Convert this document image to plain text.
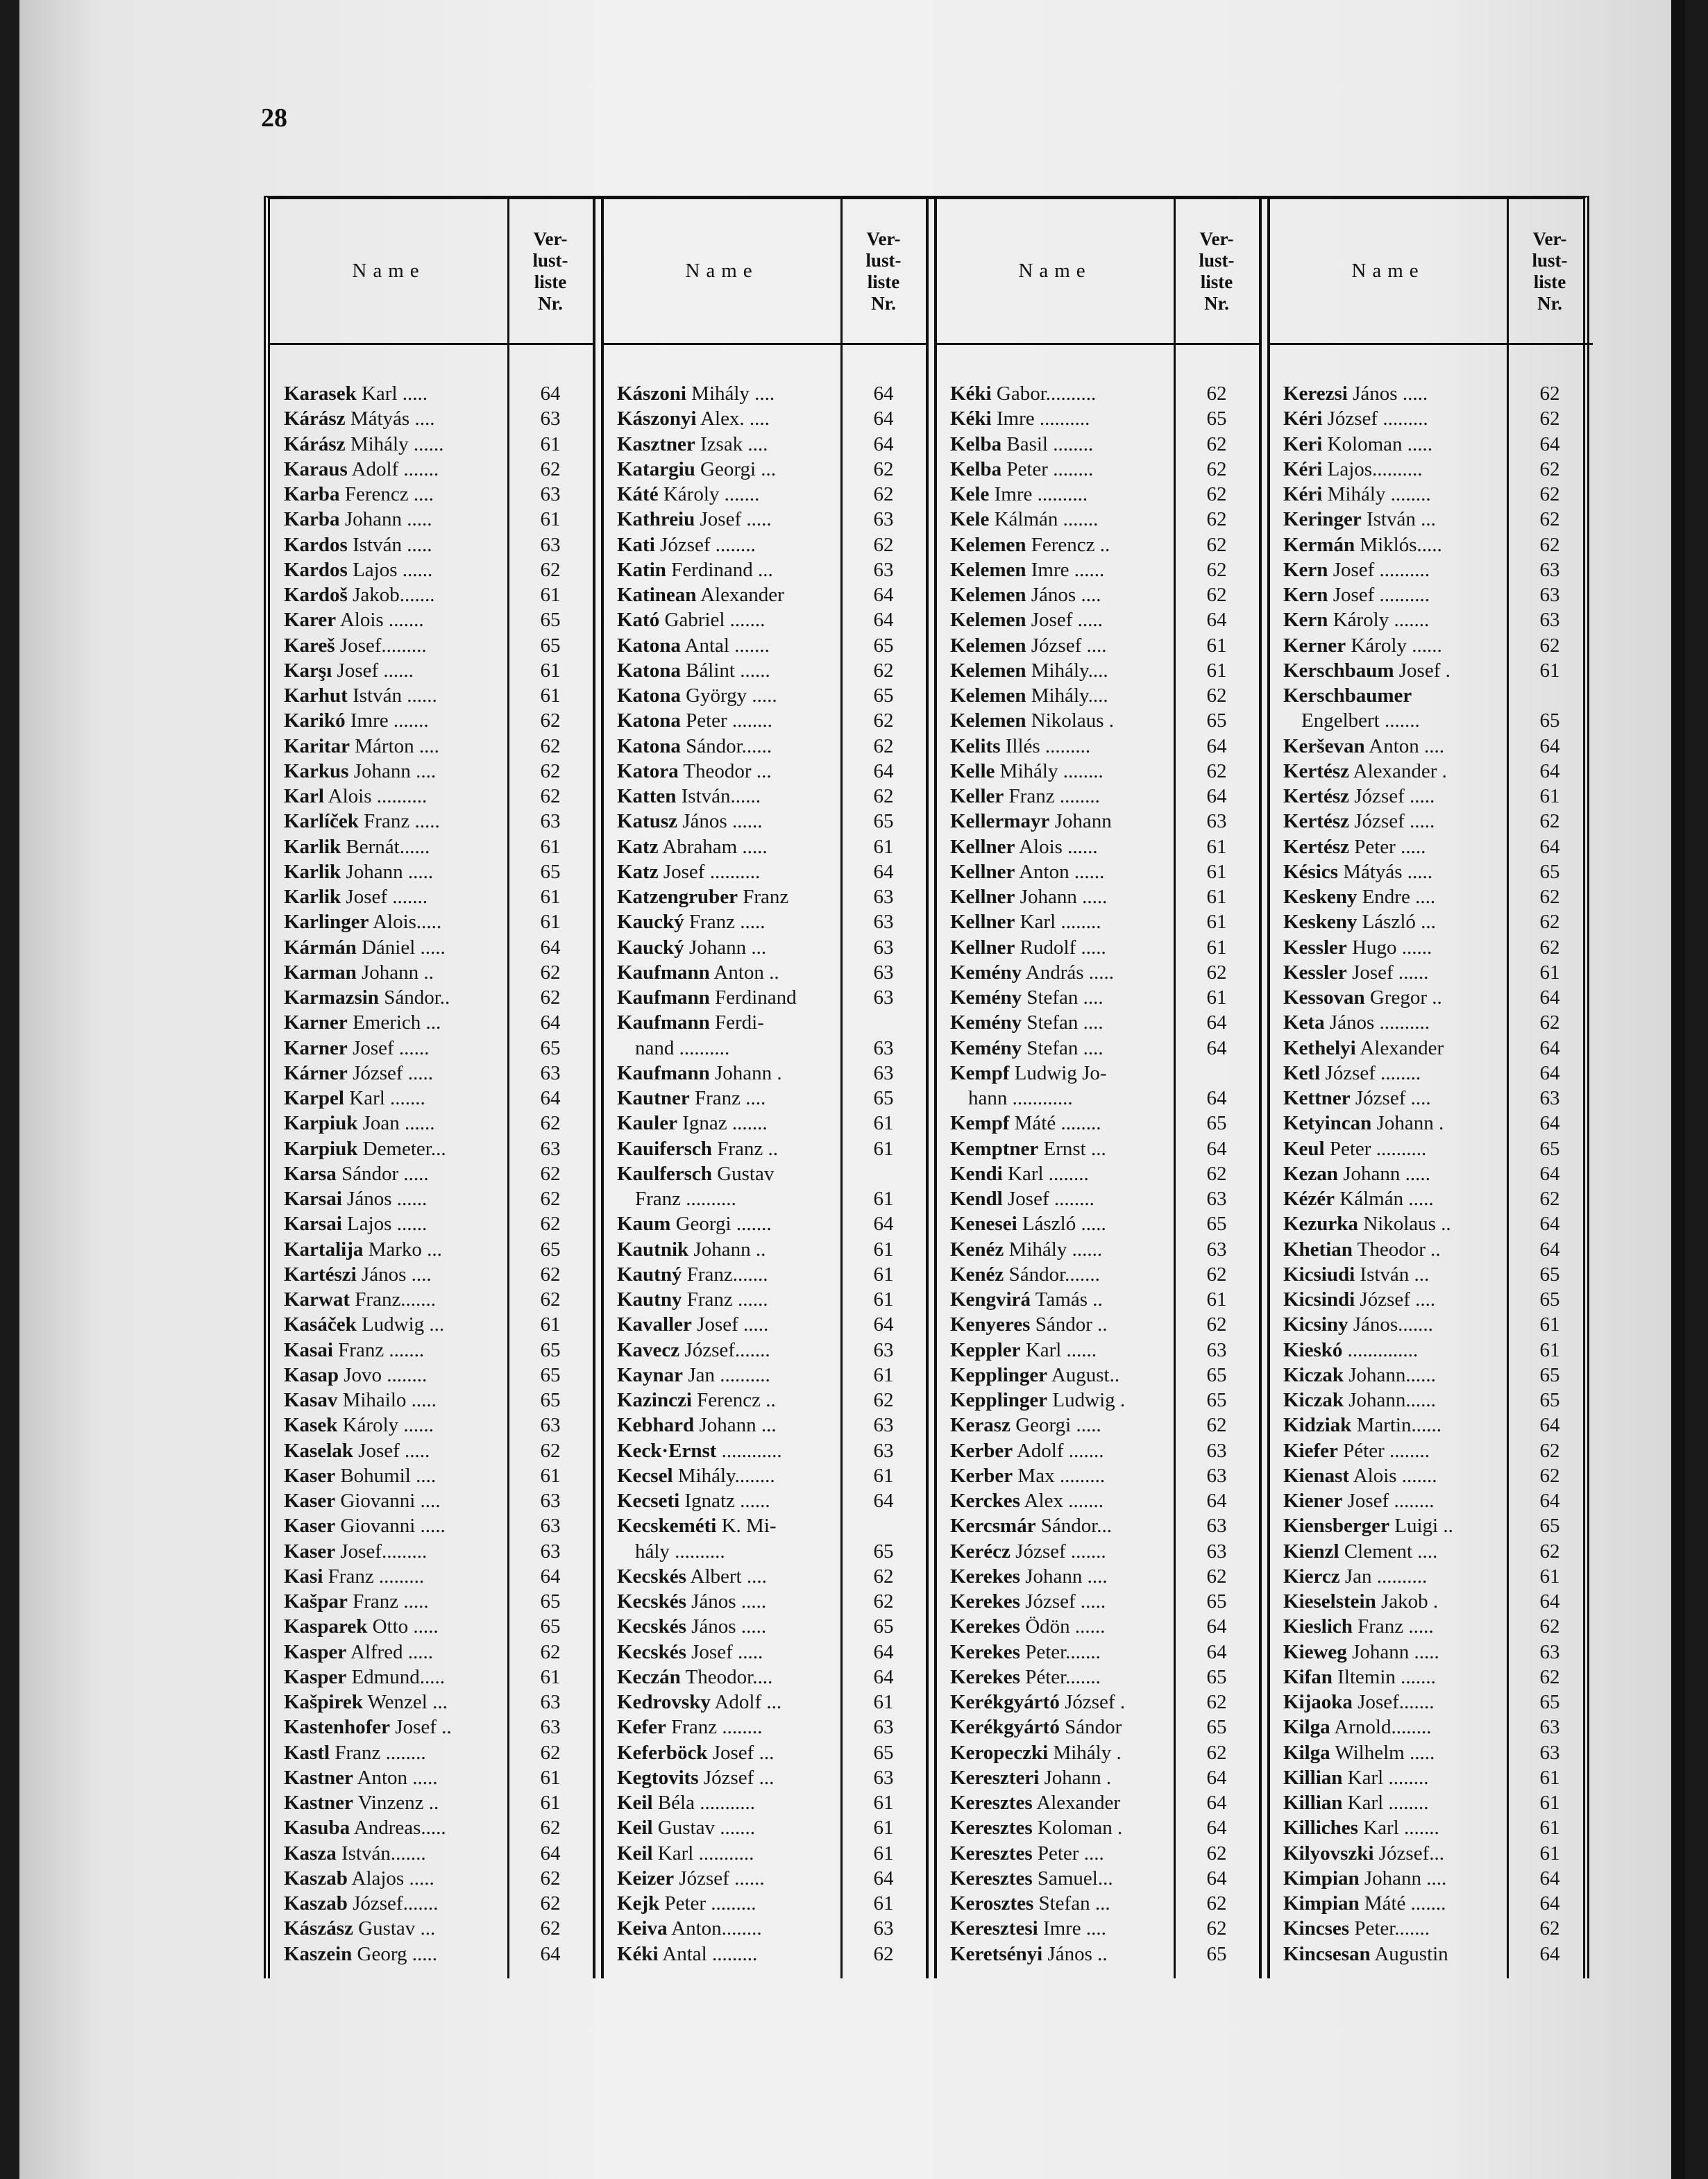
28
Name
Ver-
lust-
liste
Nr.
Karasek Karl .....	64
Kárász Mátyás ....	63
Kárász Mihály ......	61
Karaus Adolf .......	62
Karba Ferencz ....	63
Karba Johann .....	61
Kardos István .....	63
Kardos Lajos ......	62
Kardoš Jakob.......	61
Karer Alois .......	65
Kareš Josef.........	65
Karşı Josef ......	61
Karhut István ......	61
Karikó Imre .......	62
Karitar Márton ....	62
Karkus Johann ....	62
Karl Alois ..........	62
Karlíček Franz .....	63
Karlik Bernát......	61
Karlik Johann .....	65
Karlik Josef .......	61
Karlinger Alois.....	61
Kármán Dániel .....	64
Karman Johann ..	62
Karmazsin Sándor..	62
Karner Emerich ...	64
Karner Josef ......	65
Kárner József .....	63
Karpel Karl .......	64
Karpiuk Joan ......	62
Karpiuk Demeter...	63
Karsa Sándor .....	62
Karsai János ......	62
Karsai Lajos ......	62
Kartalija Marko ...	65
Kartészi János ....	62
Karwat Franz.......	62
Kasáček Ludwig ...	61
Kasai Franz .......	65
Kasap Jovo ........	65
Kasav Mihailo .....	65
Kasek Károly ......	63
Kaselak Josef .....	62
Kaser Bohumil ....	61
Kaser Giovanni ....	63
Kaser Giovanni .....	63
Kaser Josef.........	63
Kasi Franz .........	64
Kašpar Franz .....	65
Kasparek Otto .....	65
Kasper Alfred .....	62
Kasper Edmund.....	61
Kašpirek Wenzel ...	63
Kastenhofer Josef ..	63
Kastl Franz ........	62
Kastner Anton .....	61
Kastner Vinzenz ..	61
Kasuba Andreas.....	62
Kasza István.......	64
Kaszab Alajos .....	62
Kaszab József.......	62
Kászász Gustav ...	62
Kaszein Georg .....	64
Name
Ver-
lust-
liste
Nr.
Kászoni Mihály ....	64
Kászonyi Alex. ....	64
Kasztner Izsak ....	64
Katargiu Georgi ...	62
Káté Károly .......	62
Kathreiu Josef .....	63
Kati József ........	62
Katin Ferdinand ...	63
Katinean Alexander	64
Kató Gabriel .......	64
Katona Antal .......	65
Katona Bálint ......	62
Katona György .....	65
Katona Peter ........	62
Katona Sándor......	62
Katora Theodor ...	64
Katten István......	62
Katusz János ......	65
Katz Abraham .....	61
Katz Josef ..........	64
Katzengruber Franz	63
Kaucký Franz .....	63
Kaucký Johann ...	63
Kaufmann Anton ..	63
Kaufmann Ferdinand	63
Kaufmann Ferdi-
nand ..........	63
Kaufmann Johann .	63
Kautner Franz ....	65
Kauler Ignaz .......	61
Kauifersch Franz ..	61
Kaulfersch Gustav
Franz ..........	61
Kaum Georgi .......	64
Kautnik Johann ..	61
Kautný Franz.......	61
Kautny Franz ......	61
Kavaller Josef .....	64
Kavecz József.......	63
Kaynar Jan ..........	61
Kazinczi Ferencz ..	62
Kebhard Johann ...	63
Keck·Ernst ............	63
Kecsel Mihály........	61
Kecseti Ignatz ......	64
Kecskeméti K. Mi-
hály ..........	65
Kecskés Albert ....	62
Kecskés János .....	62
Kecskés János .....	65
Kecskés Josef .....	64
Keczán Theodor....	64
Kedrovsky Adolf ...	61
Kefer Franz ........	63
Keferböck Josef ...	65
Kegtovits József ...	63
Keil Béla ...........	61
Keil Gustav .......	61
Keil Karl ...........	61
Keizer József ......	64
Kejk Peter .........	61
Keiva Anton........	63
Kéki Antal .........	62
Name
Ver-
lust-
liste
Nr.
Kéki Gabor..........	62
Kéki Imre ..........	65
Kelba Basil ........	62
Kelba Peter ........	62
Kele Imre ..........	62
Kele Kálmán .......	62
Kelemen Ferencz ..	62
Kelemen Imre ......	62
Kelemen János ....	62
Kelemen Josef .....	64
Kelemen József ....	61
Kelemen Mihály....	61
Kelemen Mihály....	62
Kelemen Nikolaus .	65
Kelits Illés .........	64
Kelle Mihály ........	62
Keller Franz ........	64
Kellermayr Johann	63
Kellner Alois ......	61
Kellner Anton ......	61
Kellner Johann .....	61
Kellner Karl ........	61
Kellner Rudolf .....	61
Kemény András .....	62
Kemény Stefan ....	61
Kemény Stefan ....	64
Kemény Stefan ....	64
Kempf Ludwig Jo-
hann ............	64
Kempf Máté ........	65
Kemptner Ernst ...	64
Kendi Karl ........	62
Kendl Josef ........	63
Kenesei László .....	65
Kenéz Mihály ......	63
Kenéz Sándor.......	62
Kengvirá Tamás ..	61
Kenyeres Sándor ..	62
Keppler Karl ......	63
Kepplinger August..	65
Kepplinger Ludwig .	65
Kerasz Georgi .....	62
Kerber Adolf .......	63
Kerber Max .........	63
Kerckes Alex .......	64
Kercsmár Sándor...	63
Kerécz József .......	63
Kerekes Johann ....	62
Kerekes József .....	65
Kerekes Ödön ......	64
Kerekes Peter.......	64
Kerekes Péter.......	65
Kerékgyártó József .	62
Kerékgyártó Sándor	65
Keropeczki Mihály .	62
Kereszteri Johann .	64
Keresztes Alexander	64
Keresztes Koloman .	64
Keresztes Peter ....	62
Keresztes Samuel...	64
Kerosztes Stefan ...	62
Keresztesi Imre ....	62
Keretsényi János ..	65
Name
Ver-
lust-
liste
Nr.
Kerezsi János .....	62
Kéri József .........	62
Keri Koloman .....	64
Kéri Lajos..........	62
Kéri Mihály ........	62
Keringer István ...	62
Kermán Miklós.....	62
Kern Josef ..........	63
Kern Josef ..........	63
Kern Károly .......	63
Kerner Károly ......	62
Kerschbaum Josef .	61
Kerschbaumer
Engelbert .......	65
Kerševan Anton ....	64
Kertész Alexander .	64
Kertész József .....	61
Kertész József .....	62
Kertész Peter .....	64
Késics Mátyás .....	65
Keskeny Endre ....	62
Keskeny László ...	62
Kessler Hugo ......	62
Kessler Josef ......	61
Kessovan Gregor ..	64
Keta János ..........	62
Kethelyi Alexander	64
Ketl József ........	64
Kettner József ....	63
Ketyincan Johann .	64
Keul Peter ..........	65
Kezan Johann .....	64
Kézér Kálmán .....	62
Kezurka Nikolaus ..	64
Khetian Theodor ..	64
Kicsiudi István ...	65
Kicsindi József ....	65
Kicsiny János.......	61
Kieskó ..............	61
Kiczak Johann......	65
Kiczak Johann......	65
Kidziak Martin......	64
Kiefer Péter ........	62
Kienast Alois .......	62
Kiener Josef ........	64
Kiensberger Luigi ..	65
Kienzl Clement ....	62
Kiercz Jan ..........	61
Kieselstein Jakob .	64
Kieslich Franz .....	62
Kieweg Johann .....	63
Kifan Iltemin .......	62
Kijaoka Josef.......	65
Kilga Arnold........	63
Kilga Wilhelm .....	63
Killian Karl ........	61
Killian Karl ........	61
Killiches Karl .......	61
Kilyovszki József...	61
Kimpian Johann ....	64
Kimpian Máté .......	64
Kincses Peter.......	62
Kincsesan Augustin	64
